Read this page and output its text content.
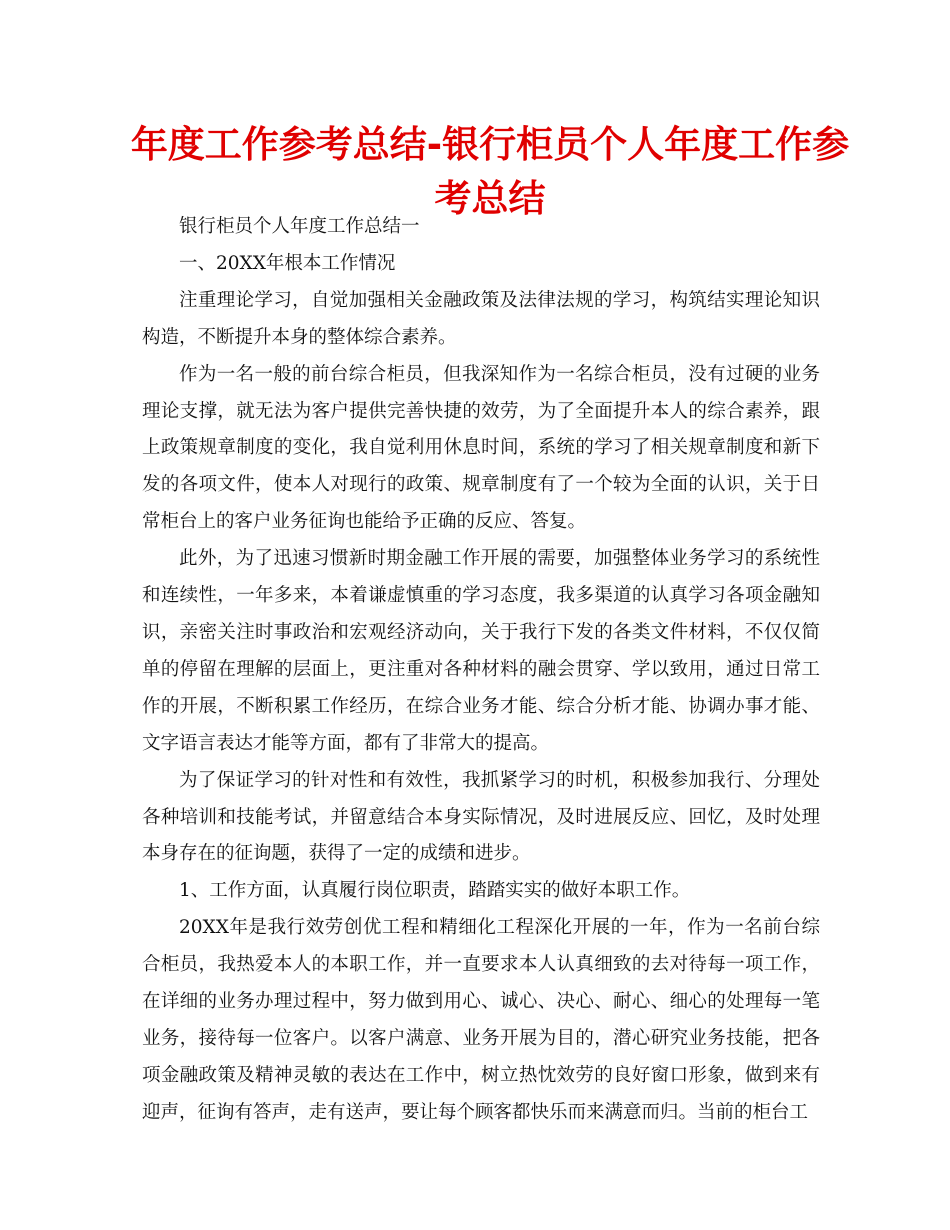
年度工作参考总结-银行柜员个人年度工作参考总结

银行柜员个人年度工作总结一

一、20XX年根本工作情况

注重理论学习，自觉加强相关金融政策及法律法规的学习，构筑结实理论知识构造，不断提升本身的整体综合素养。

作为一名一般的前台综合柜员，但我深知作为一名综合柜员，没有过硬的业务理论支撑，就无法为客户提供完善快捷的效劳，为了全面提升本人的综合素养，跟上政策规章制度的变化，我自觉利用休息时间，系统的学习了相关规章制度和新下发的各项文件，使本人对现行的政策、规章制度有了一个较为全面的认识，关于日常柜台上的客户业务征询也能给予正确的反应、答复。

此外，为了迅速习惯新时期金融工作开展的需要，加强整体业务学习的系统性和连续性，一年多来，本着谦虚慎重的学习态度，我多渠道的认真学习各项金融知识，亲密关注时事政治和宏观经济动向，关于我行下发的各类文件材料，不仅仅简单的停留在理解的层面上，更注重对各种材料的融会贯穿、学以致用，通过日常工作的开展，不断积累工作经历，在综合业务才能、综合分析才能、协调办事才能、文字语言表达才能等方面，都有了非常大的提高。

为了保证学习的针对性和有效性，我抓紧学习的时机，积极参加我行、分理处各种培训和技能考试，并留意结合本身实际情况，及时进展反应、回忆，及时处理本身存在的征询题，获得了一定的成绩和进步。

1、工作方面，认真履行岗位职责，踏踏实实的做好本职工作。

20XX年是我行效劳创优工程和精细化工程深化开展的一年，作为一名前台综合柜员，我热爱本人的本职工作，并一直要求本人认真细致的去对待每一项工作，在详细的业务办理过程中，努力做到用心、诚心、决心、耐心、细心的处理每一笔业务，接待每一位客户。以客户满意、业务开展为目的，潜心研究业务技能，把各项金融政策及精神灵敏的表达在工作中，树立热忱效劳的良好窗口形象，做到来有迎声，征询有答声，走有送声，要让每个顾客都快乐而来满意而归。当前的柜台工
